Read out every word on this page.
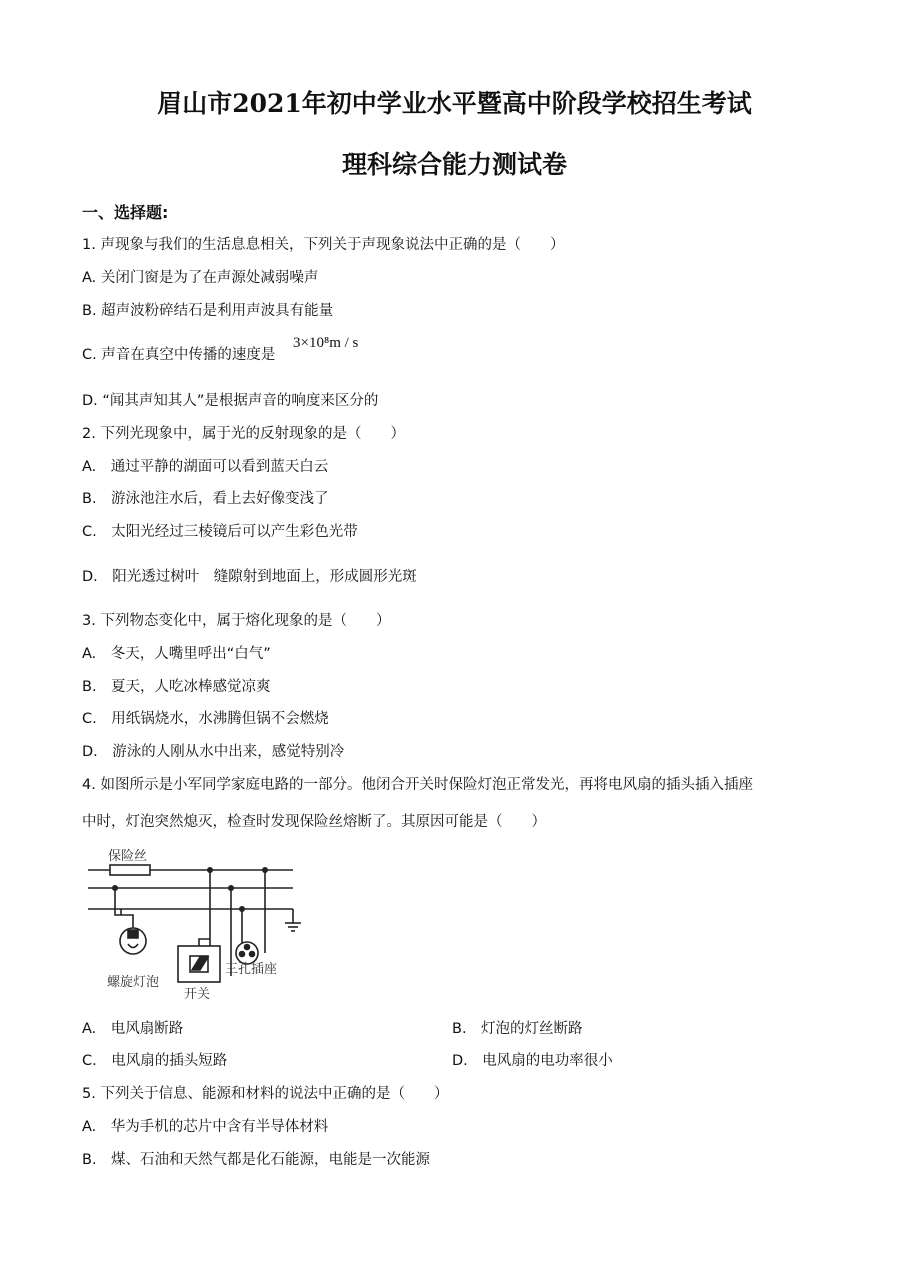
眉山市2021年初中学业水平暨高中阶段学校招生考试
理科综合能力测试卷
一、选择题:
1. 声现象与我们的生活息息相关，下列关于声现象说法中正确的是（　　）
A. 关闭门窗是为了在声源处减弱噪声
B. 超声波粉碎结石是利用声波具有能量
C. 声音在真空中传播的速度是
3×10⁸m / s
D. “闻其声知其人”是根据声音的响度来区分的
2. 下列光现象中，属于光的反射现象的是（　　）
A.　通过平静的湖面可以看到蓝天白云
B.　游泳池注水后，看上去好像变浅了
C.　太阳光经过三棱镜后可以产生彩色光带
D.　阳光透过树叶　缝隙射到地面上，形成圆形光斑
3. 下列物态变化中，属于熔化现象的是（　　）
A.　冬天，人嘴里呼出“白气”
B.　夏天，人吃冰棒感觉凉爽
C.　用纸锅烧水，水沸腾但锅不会燃烧
D.　游泳的人刚从水中出来，感觉特别冷
4. 如图所示是小军同学家庭电路的一部分。他闭合开关时保险灯泡正常发光，再将电风扇的插头插入插座
中时，灯泡突然熄灭，检查时发现保险丝熔断了。其原因可能是（　　）
保险丝
螺旋灯泡
开关
三孔插座
A.　电风扇断路	B.　灯泡的灯丝断路
C.　电风扇的插头短路	D.　电风扇的电功率很小
5. 下列关于信息、能源和材料的说法中正确的是（　　）
A.　华为手机的芯片中含有半导体材料
B.　煤、石油和天然气都是化石能源，电能是一次能源
